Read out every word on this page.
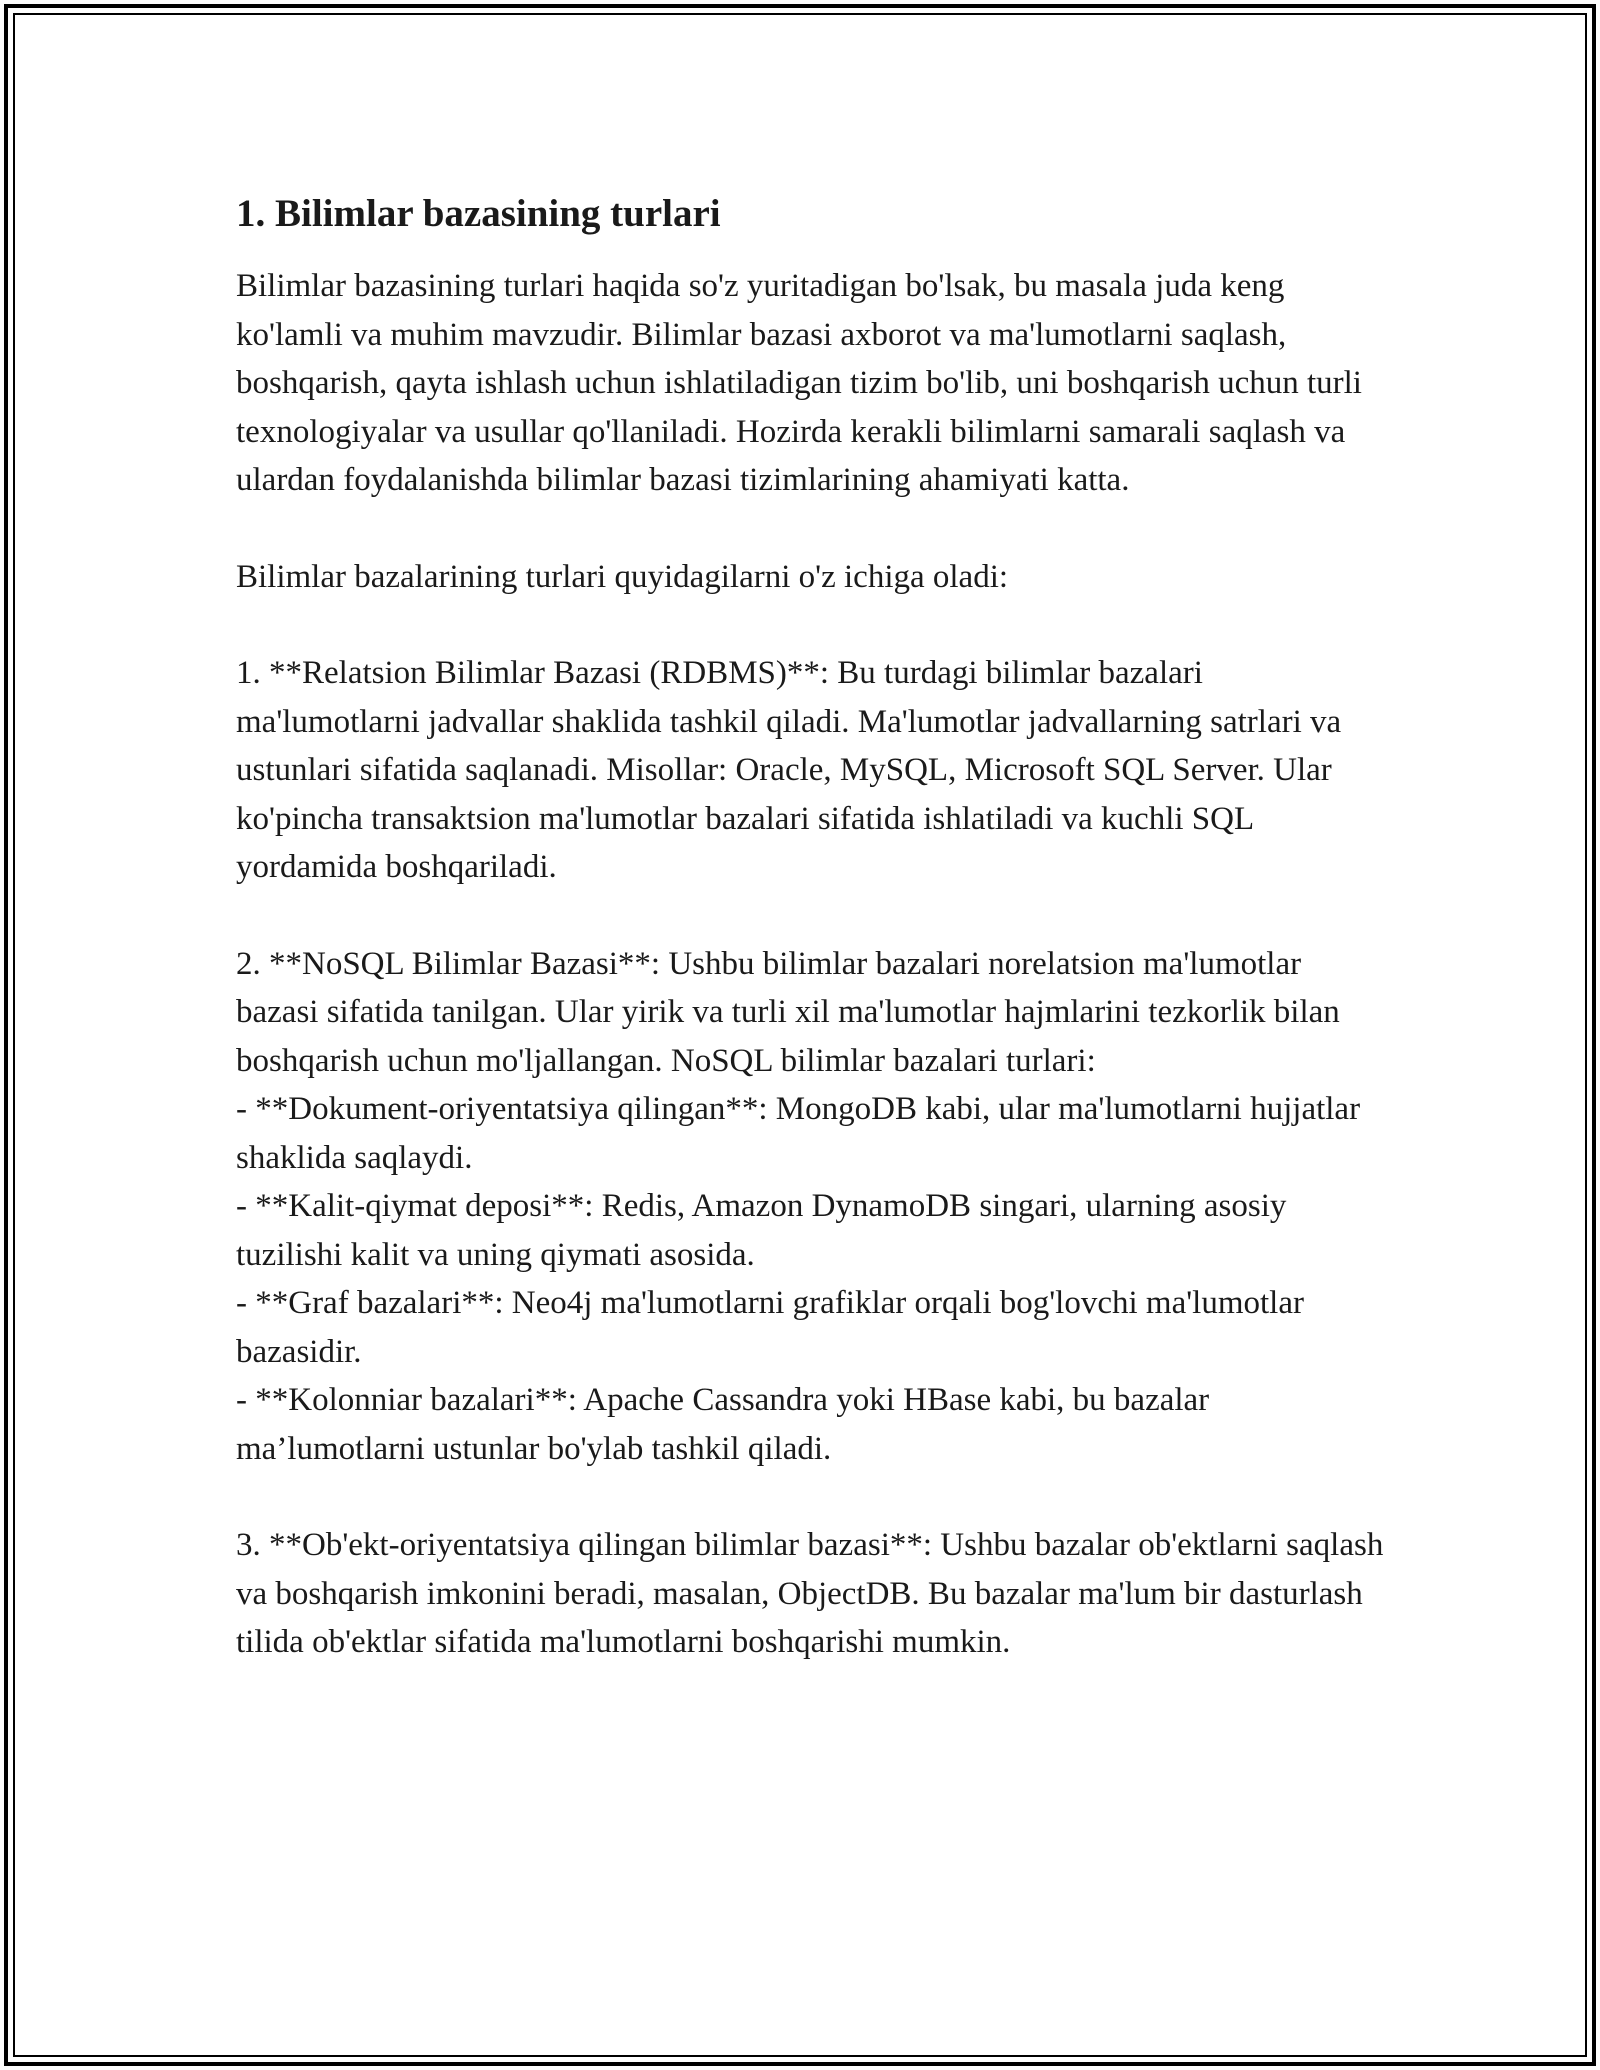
1. Bilimlar bazasining turlari

Bilimlar bazasining turlari haqida so'z yuritadigan bo'lsak, bu masala juda keng ko'lamli va muhim mavzudir. Bilimlar bazasi axborot va ma'lumotlarni saqlash, boshqarish, qayta ishlash uchun ishlatiladigan tizim bo'lib, uni boshqarish uchun turli texnologiyalar va usullar qo'llaniladi. Hozirda kerakli bilimlarni samarali saqlash va ulardan foydalanishda bilimlar bazasi tizimlarining ahamiyati katta.

Bilimlar bazalarining turlari quyidagilarni o'z ichiga oladi:

1. **Relatsion Bilimlar Bazasi (RDBMS)**: Bu turdagi bilimlar bazalari ma'lumotlarni jadvallar shaklida tashkil qiladi. Ma'lumotlar jadvallarning satrlari va ustunlari sifatida saqlanadi. Misollar: Oracle, MySQL, Microsoft SQL Server. Ular ko'pincha transaktsion ma'lumotlar bazalari sifatida ishlatiladi va kuchli SQL yordamida boshqariladi.

2. **NoSQL Bilimlar Bazasi**: Ushbu bilimlar bazalari norelatsion ma'lumotlar bazasi sifatida tanilgan. Ular yirik va turli xil ma'lumotlar hajmlarini tezkorlik bilan boshqarish uchun mo'ljallangan. NoSQL bilimlar bazalari turlari:
- **Dokument-oriyentatsiya qilingan**: MongoDB kabi, ular ma'lumotlarni hujjatlar shaklida saqlaydi.
- **Kalit-qiymat deposi**: Redis, Amazon DynamoDB singari, ularning asosiy tuzilishi kalit va uning qiymati asosida.
- **Graf bazalari**: Neo4j ma'lumotlarni grafiklar orqali bog'lovchi ma'lumotlar bazasidir.
- **Kolonniar bazalari**: Apache Cassandra yoki HBase kabi, bu bazalar ma’lumotlarni ustunlar bo'ylab tashkil qiladi.

3. **Ob'ekt-oriyentatsiya qilingan bilimlar bazasi**: Ushbu bazalar ob'ektlarni saqlash va boshqarish imkonini beradi, masalan, ObjectDB. Bu bazalar ma'lum bir dasturlash tilida ob'ektlar sifatida ma'lumotlarni boshqarishi mumkin.
